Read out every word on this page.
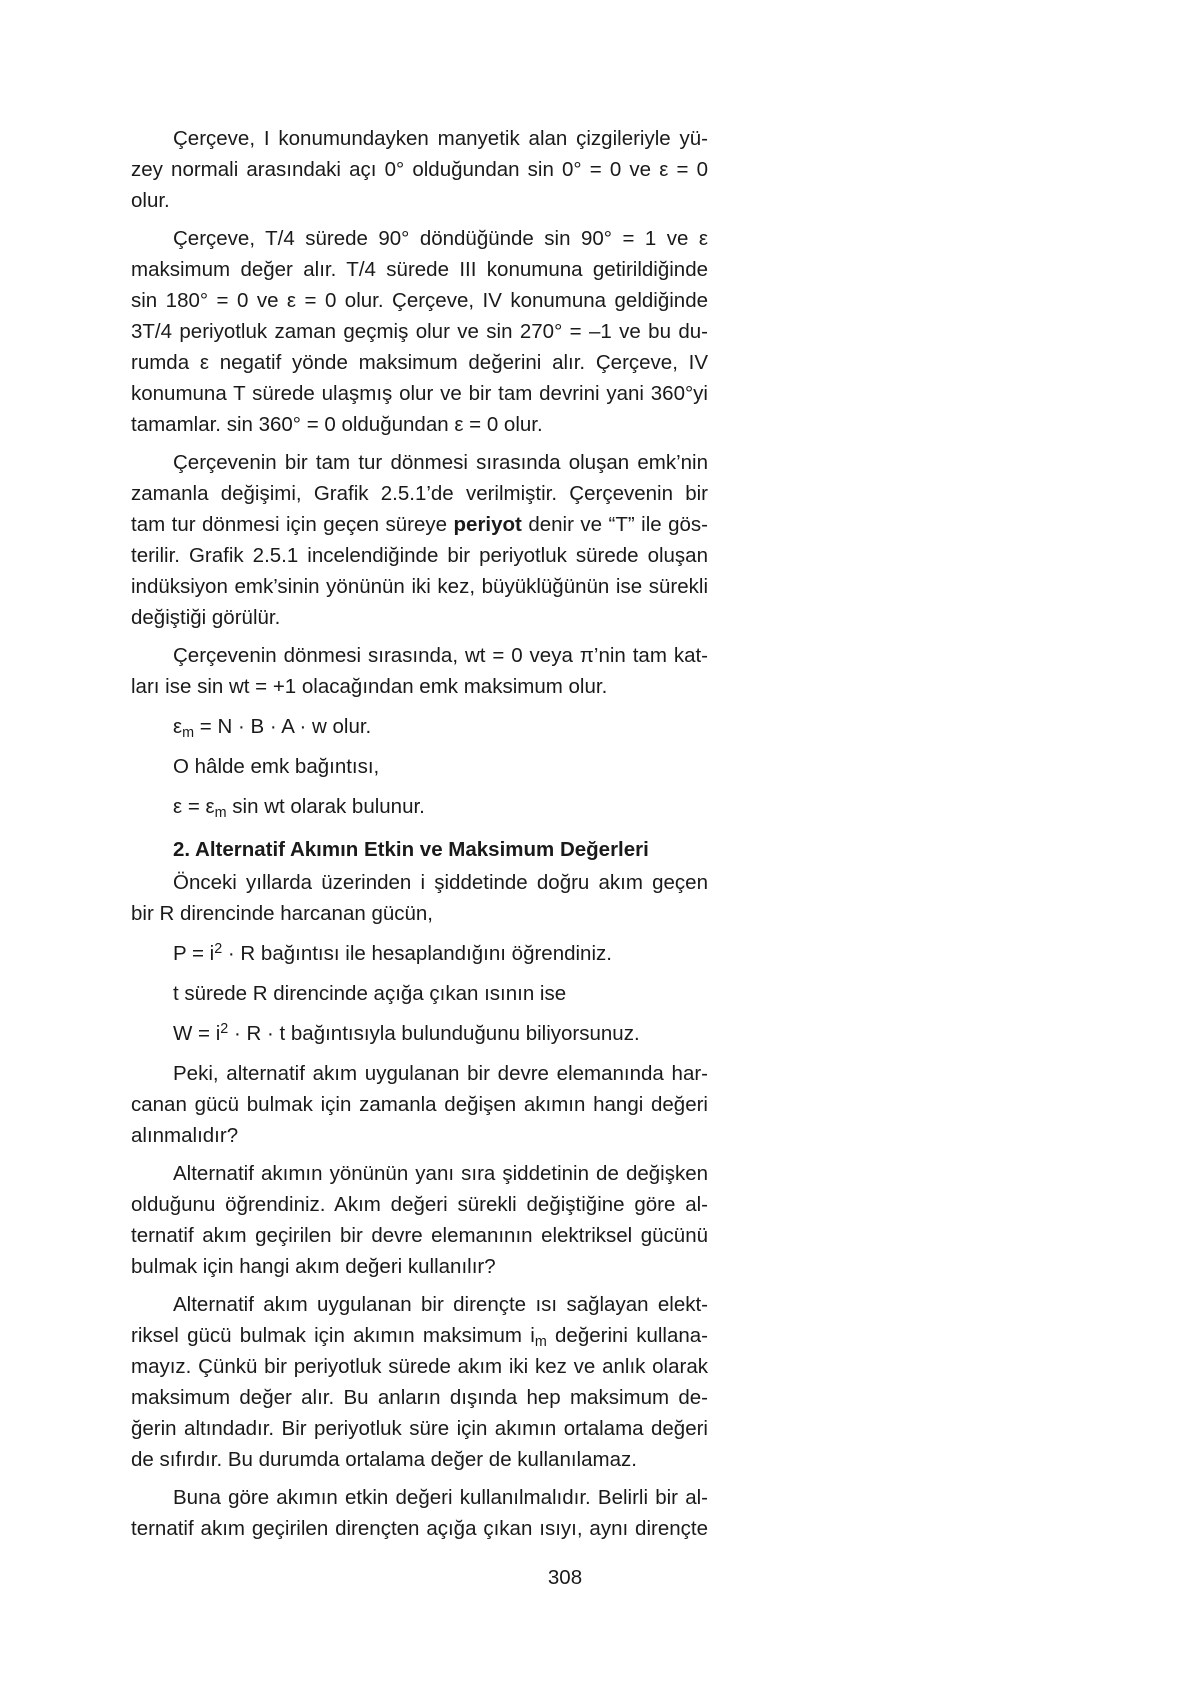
Çerçeve, I konumundayken manyetik alan çizgileriyle yü-
zey normali arasındaki açı 0° olduğundan sin 0° = 0 ve ε = 0
olur.
Çerçeve, T/4 sürede 90° döndüğünde sin 90° = 1 ve ε
maksimum değer alır. T/4 sürede III konumuna getirildiğinde
sin 180° = 0 ve ε = 0 olur. Çerçeve, IV konumuna geldiğinde
3T/4 periyotluk zaman geçmiş olur ve sin 270° = –1 ve bu du-
rumda ε negatif yönde maksimum değerini alır. Çerçeve, IV
konumuna T sürede ulaşmış olur ve bir tam devrini yani 360°yi
tamamlar. sin 360° = 0 olduğundan ε = 0 olur.
Çerçevenin bir tam tur dönmesi sırasında oluşan emk’nin
zamanla değişimi, Grafik 2.5.1’de verilmiştir. Çerçevenin bir
tam tur dönmesi için geçen süreye periyot denir ve “T” ile gös-
terilir. Grafik 2.5.1 incelendiğinde bir periyotluk sürede oluşan
indüksiyon emk’sinin yönünün iki kez, büyüklüğünün ise sürekli
değiştiği görülür.
Çerçevenin dönmesi sırasında, wt = 0 veya π’nin tam kat-
ları ise sin wt = +1 olacağından emk maksimum olur.
$\varepsilon_m = N \cdot B \cdot A \cdot w$ olur.
O hâlde emk bağıntısı,
$\varepsilon = \varepsilon_m$ sin wt olarak bulunur.
2. Alternatif Akımın Etkin ve Maksimum Değerleri
Önceki yıllarda üzerinden i şiddetinde doğru akım geçen
bir R direncinde harcanan gücün,
$P = i^2 \cdot R$ bağıntısı ile hesaplandığını öğrendiniz.
t sürede R direncinde açığa çıkan ısının ise
$W = i^2 \cdot R \cdot t$ bağıntısıyla bulunduğunu biliyorsunuz.
Peki, alternatif akım uygulanan bir devre elemanında har-
canan gücü bulmak için zamanla değişen akımın hangi değeri
alınmalıdır?
Alternatif akımın yönünün yanı sıra şiddetinin de değişken
olduğunu öğrendiniz. Akım değeri sürekli değiştiğine göre al-
ternatif akım geçirilen bir devre elemanının elektriksel gücünü
bulmak için hangi akım değeri kullanılır?
Alternatif akım uygulanan bir dirençte ısı sağlayan elekt-
riksel gücü bulmak için akımın maksimum $i_m$ değerini kullana-
mayız. Çünkü bir periyotluk sürede akım iki kez ve anlık olarak
maksimum değer alır. Bu anların dışında hep maksimum de-
ğerin altındadır. Bir periyotluk süre için akımın ortalama değeri
de sıfırdır. Bu durumda ortalama değer de kullanılamaz.
Buna göre akımın etkin değeri kullanılmalıdır. Belirli bir al-
ternatif akım geçirilen dirençten açığa çıkan ısıyı, aynı dirençte
308
